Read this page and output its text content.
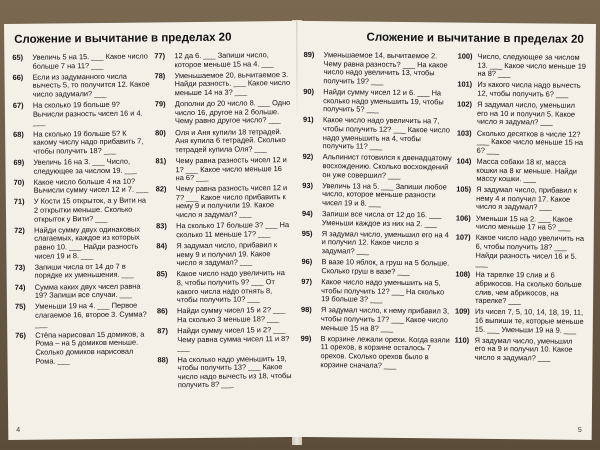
Сложение и вычитание в пределах 20
65)	Увеличь 5 на 15. ___ Какое число больше 7 на 11? ___
66)	Если из задуманного числа вычесть 5, то получится 12. Какое число задумали? ___
67)	На сколько 19 больше 9? Вычисли разность чисел 16 и 4. ___
68)	На сколько 19 больше 5? К какому числу надо прибавить 7, чтобы получить 18? ___
69)	Увеличь 16 на 3. ___ Число, следующее за числом 19. ___
70)	Какое число больше 4 на 10? Вычисли сумму чисел 12 и 7. ___
71)	У Кости 15 открыток, а у Вити на 2 открытки меньше. Сколько открыток у Вити? ___
72)	Найди сумму двух одинаковых слагаемых, каждое из которых равно 10. ___ Найди разность чисел 19 и 8. ___
73)	Запиши числа от 14 до 7 в порядке их уменьшения. ___
74)	Сумма каких двух чисел равна 19? Запиши все случаи. ___
75)	Уменьши 19 на 4. ___ Первое слагаемое 16, второе 3. Сумма? ___
76)	Стёпа нарисовал 15 домиков, а Рома – на 5 домиков меньше. Сколько домиков нарисовал Рома. ___
77)	12 да 6. ___ Запиши число, которое меньше 15 на 4. ___
78)	Уменьшаемое 20, вычитаемое 3. Найди разность. ___ Какое число меньше 14 на 3? ___
79)	Дополни до 20 число 8. ___ Одно число 16, другое на 2 больше. Чему равно другое число? ___
80)	Оля и Аня купили 18 тетрадей. Аня купила 6 тетрадей. Сколько тетрадей купила Оля? ___
81)	Чему равна разность чисел 12 и 1? ___ Какое число меньше 16 на 6? ___
82)	Чему равна разность чисел 12 и 7? ___ Какое число прибавить к нему 9 и получили 19. Какое число я задумал? ___
83)	На сколько 17 больше 3? ___ На сколько 11 меньше 17? ___
84)	Я задумал число, прибавил к нему 9 и получил 19. Какое число я задумал? ___
85)	Какое число надо увеличить на 8, чтобы получить 9? ___ От какого числа надо отнять 8, чтобы получить 10? ___
86)	Найди сумму чисел 15 и 2? ___ На сколько 3 меньше 18? ___
87)	Найди сумму чисел 15 и 2? ___ Чему равна сумма чисел 11 и 8? ___
88)	На сколько надо уменьшить 19, чтобы получить 13? ___ Какое число надо вычесть из 18, чтобы получить 8? ___
4
Сложение и вычитание в пределах 20
89)	Уменьшаемое 14, вычитаемое 2. Чему равна разность? ___ На какое число надо увеличить 13, чтобы получить 19? ___
90)	Найди сумму чисел 12 и 6. ___ На сколько надо уменьшить 19, чтобы получить 5? ___
91)	Какое число надо увеличить на 7, чтобы получить 12? ___ Какое число надо уменьшить на 4, чтобы получить 11? ___
92)	Альпинист готовился к двенадцатому восхождению. Сколько восхождений он уже совершил? ___
93)	Увеличь 13 на 5. ___ Запиши любое число, которое меньше разности чисел 19 и 8. ___
94)	Запиши все числа от 12 до 16. ___ Уменьши каждое из них на 2. ___
95)	Я задумал число, уменьшил его на 4 и получил 12. Какое число я задумал? ___
96)	В вазе 10 яблок, а груш на 5 больше. Сколько груш в вазе? ___
97)	Какое число надо уменьшить на 5, чтобы получить 12? ___ На сколько 19 больше 3? ___
98)	Я задумал число, к нему прибавил 3, чтобы получить 17? ___ Какое число меньше 15 на 8? ___
99)	В корзине лежали орехи. Когда взяли 11 орехов, в корзине осталось 7 орехов. Сколько орехов было в корзине сначала? ___
100) Число, следующее за числом 13. ___ Какое число меньше 19 на 8? ___
101) Из какого числа надо вычесть 12, чтобы получить 6? ___
102) Я задумал число, уменьшил его на 10 и получил 5. Какое число я задумал? ___
103) Сколько десятков в числе 12? ___ Какое число меньше 15 на 6? ___
104) Масса собаки 18 кг, масса кошки на 8 кг меньше. Найди массу кошки. ___
105) Я задумал число, прибавил к нему 4 и получил 17. Какое число я задумал? ___
106) Уменьши 15 на 2. ___ Какое число меньше 17 на 5? ___
107) Какое число надо увеличить на 6, чтобы получить 18? ___ Найди разность чисел 16 и 5. ___
108) На тарелке 19 слив и 6 абрикосов. На сколько больше слив, чем абрикосов, на тарелке? ___
109) Из чисел 7, 5, 10, 14, 18, 19, 11, 16 выпиши те, которые меньше 15. ___ Уменьши 19 на 9. ___
110) Я задумал число, уменьшил его на 9 и получил 10. Какое число я задумал? ___
5
